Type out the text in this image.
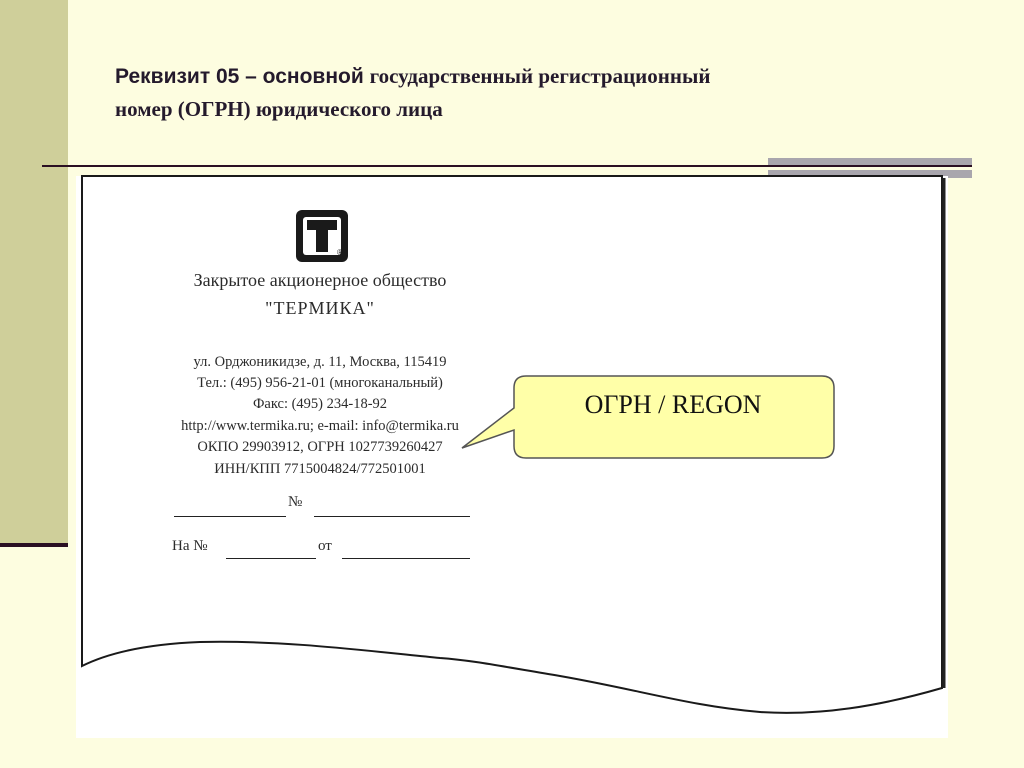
Реквизит 05 – основной государственный регистрационный
номер (ОГРН) юридического лица
®
Закрытое акционерное общество
"ТЕРМИКА"
ул. Орджоникидзе, д. 11, Москва, 115419
Тел.: (495) 956-21-01 (многоканальный)
Факс: (495) 234-18-92
http://www.termika.ru; e-mail: info@termika.ru
ОКПО 29903912, ОГРН 1027739260427
ИНН/КПП 7715004824/772501001
№
На №	от
ОГРН / REGON
